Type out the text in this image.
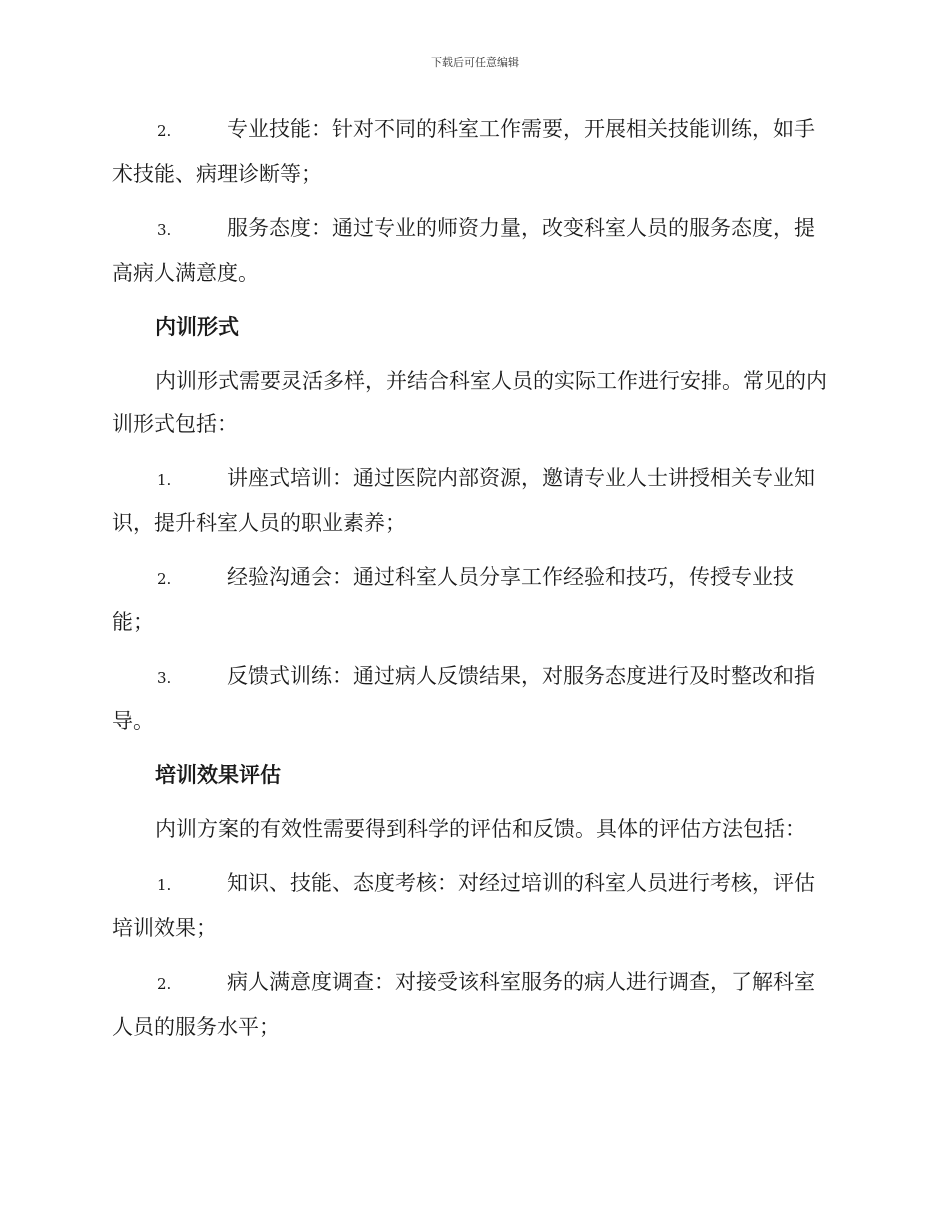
下载后可任意编辑
2.	专业技能：针对不同的科室工作需要，开展相关技能训练，如手术技能、病理诊断等；
3.	服务态度：通过专业的师资力量，改变科室人员的服务态度，提高病人满意度。
内训形式
内训形式需要灵活多样，并结合科室人员的实际工作进行安排。常见的内训形式包括：
1.	讲座式培训：通过医院内部资源，邀请专业人士讲授相关专业知识，提升科室人员的职业素养；
2.	经验沟通会：通过科室人员分享工作经验和技巧，传授专业技能；
3.	反馈式训练：通过病人反馈结果，对服务态度进行及时整改和指导。
培训效果评估
内训方案的有效性需要得到科学的评估和反馈。具体的评估方法包括：
1.	知识、技能、态度考核：对经过培训的科室人员进行考核，评估培训效果；
2.	病人满意度调查：对接受该科室服务的病人进行调查，了解科室人员的服务水平；
